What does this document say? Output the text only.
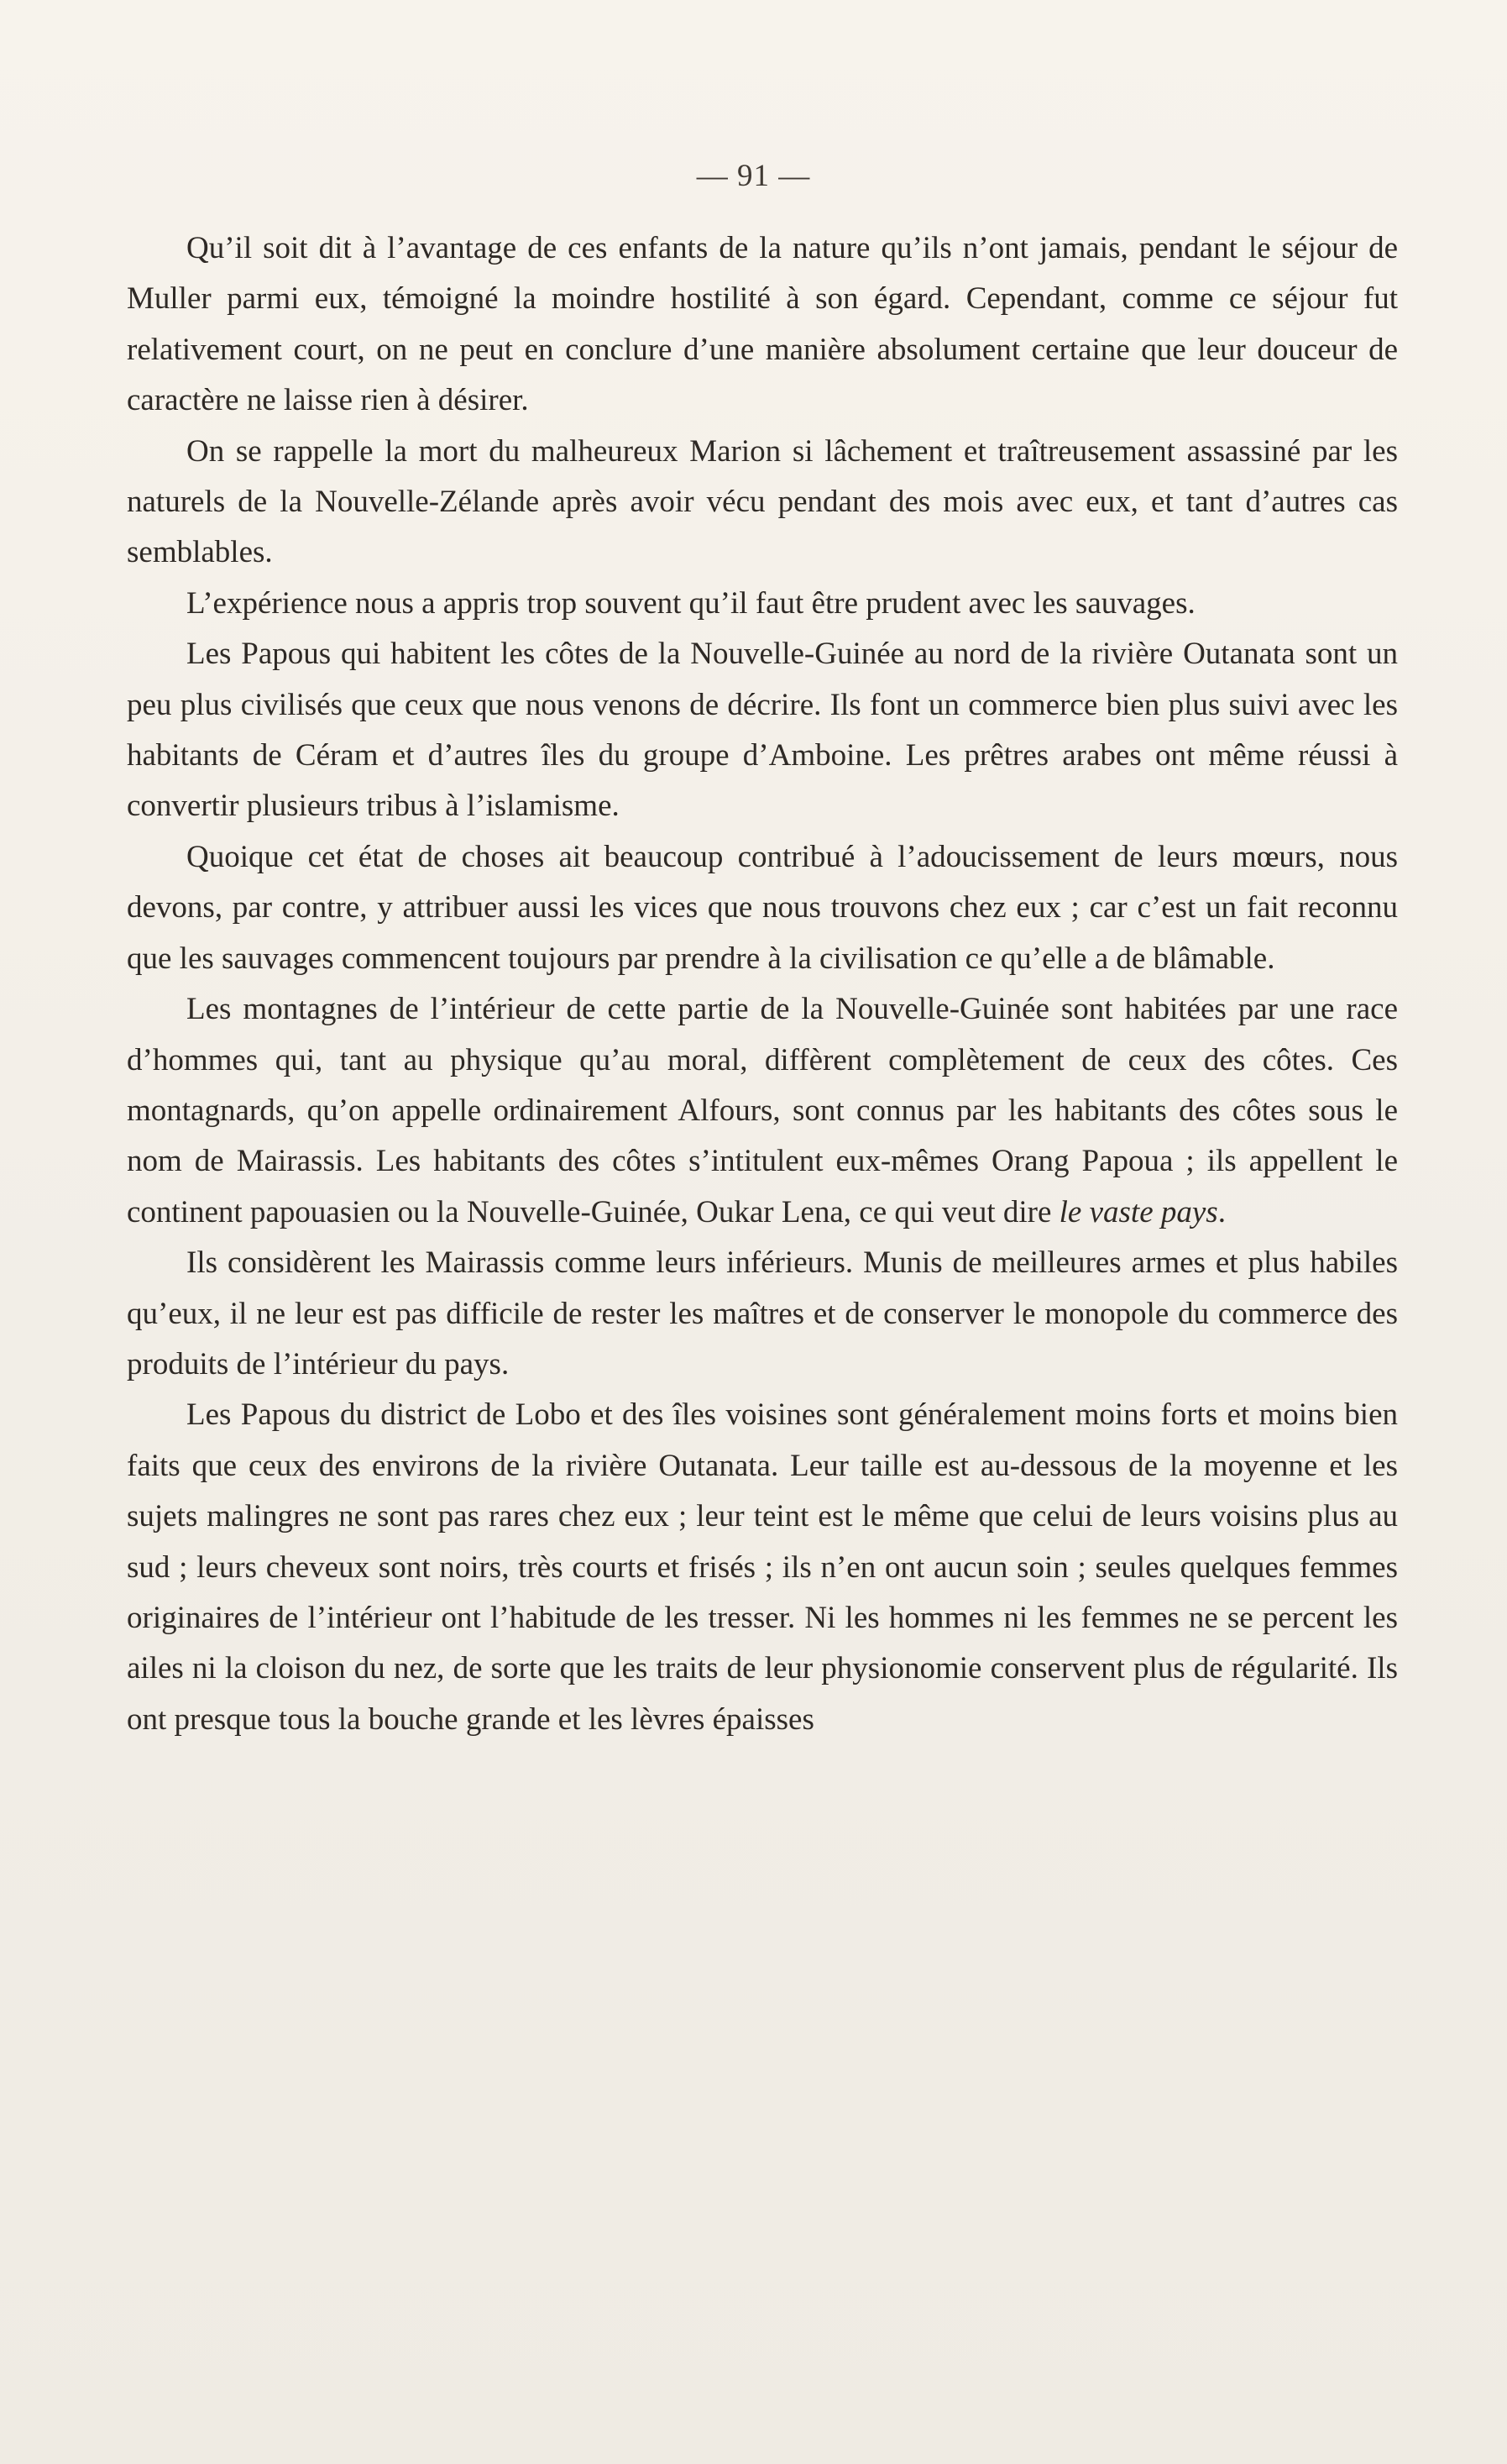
— 91 —

Qu’il soit dit à l’avantage de ces enfants de la nature qu’ils n’ont jamais, pendant le séjour de Muller parmi eux, témoigné la moindre hostilité à son égard. Cependant, comme ce séjour fut relativement court, on ne peut en conclure d’une manière absolument certaine que leur douceur de caractère ne laisse rien à désirer.

On se rappelle la mort du malheureux Marion si lâchement et traîtreusement assassiné par les naturels de la Nouvelle-Zélande après avoir vécu pendant des mois avec eux, et tant d’autres cas semblables.

L’expérience nous a appris trop souvent qu’il faut être prudent avec les sauvages.

Les Papous qui habitent les côtes de la Nouvelle-Guinée au nord de la rivière Outanata sont un peu plus civilisés que ceux que nous venons de décrire. Ils font un commerce bien plus suivi avec les habitants de Céram et d’autres îles du groupe d’Amboine. Les prêtres arabes ont même réussi à convertir plusieurs tribus à l’islamisme.

Quoique cet état de choses ait beaucoup contribué à l’adoucissement de leurs mœurs, nous devons, par contre, y attribuer aussi les vices que nous trouvons chez eux ; car c’est un fait reconnu que les sauvages commencent toujours par prendre à la civilisation ce qu’elle a de blâmable.

Les montagnes de l’intérieur de cette partie de la Nouvelle-Guinée sont habitées par une race d’hommes qui, tant au physique qu’au moral, diffèrent complètement de ceux des côtes. Ces montagnards, qu’on appelle ordinairement Alfours, sont connus par les habitants des côtes sous le nom de Mairassis. Les habitants des côtes s’intitulent eux-mêmes Orang Papoua ; ils appellent le continent papouasien ou la Nouvelle-Guinée, Oukar Lena, ce qui veut dire le vaste pays.

Ils considèrent les Mairassis comme leurs inférieurs. Munis de meilleures armes et plus habiles qu’eux, il ne leur est pas difficile de rester les maîtres et de conserver le monopole du commerce des produits de l’intérieur du pays.

Les Papous du district de Lobo et des îles voisines sont généralement moins forts et moins bien faits que ceux des environs de la rivière Outanata. Leur taille est au-dessous de la moyenne et les sujets malingres ne sont pas rares chez eux ; leur teint est le même que celui de leurs voisins plus au sud ; leurs cheveux sont noirs, très courts et frisés ; ils n’en ont aucun soin ; seules quelques femmes originaires de l’intérieur ont l’habitude de les tresser. Ni les hommes ni les femmes ne se percent les ailes ni la cloison du nez, de sorte que les traits de leur physionomie conservent plus de régularité. Ils ont presque tous la bouche grande et les lèvres épaisses
